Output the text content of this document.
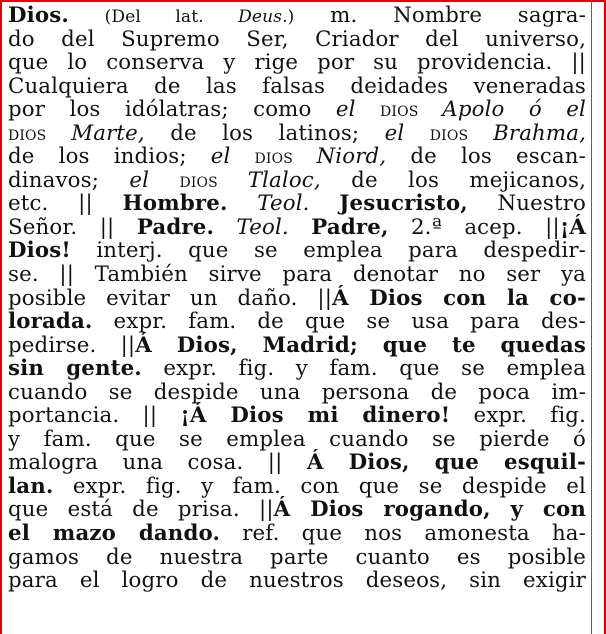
Dios. (Del lat. Deus.) m. Nombre sagra-
do del Supremo Ser, Criador del universo,
que lo conserva y rige por su providencia. ||
Cualquiera de las falsas deidades veneradas
por los idólatras; como el dios Apolo ó el
dios Marte, de los latinos; el dios Brahma,
de los indios; el dios Niord, de los escan-
dinavos; el dios Tlaloc, de los mejicanos,
etc. || Hombre. Teol. Jesucristo, Nuestro
Señor. || Padre. Teol. Padre, 2.ª acep. ||¡Á
Dios! interj. que se emplea para despedir-
se. || También sirve para denotar no ser ya
posible evitar un daño. ||Á Dios con la co-
lorada. expr. fam. de que se usa para des-
pedirse. ||Á Dios, Madrid; que te quedas
sin gente. expr. fig. y fam. que se emplea
cuando se despide una persona de poca im-
portancia. || ¡Á Dios mi dinero! expr. fig.
y fam. que se emplea cuando se pierde ó
malogra una cosa. || Á Dios, que esquil-
lan. expr. fig. y fam. con que se despide el
que está de prisa. ||Á Dios rogando, y con
el mazo dando. ref. que nos amonesta ha-
gamos de nuestra parte cuanto es posible
para el logro de nuestros deseos, sin exigir
